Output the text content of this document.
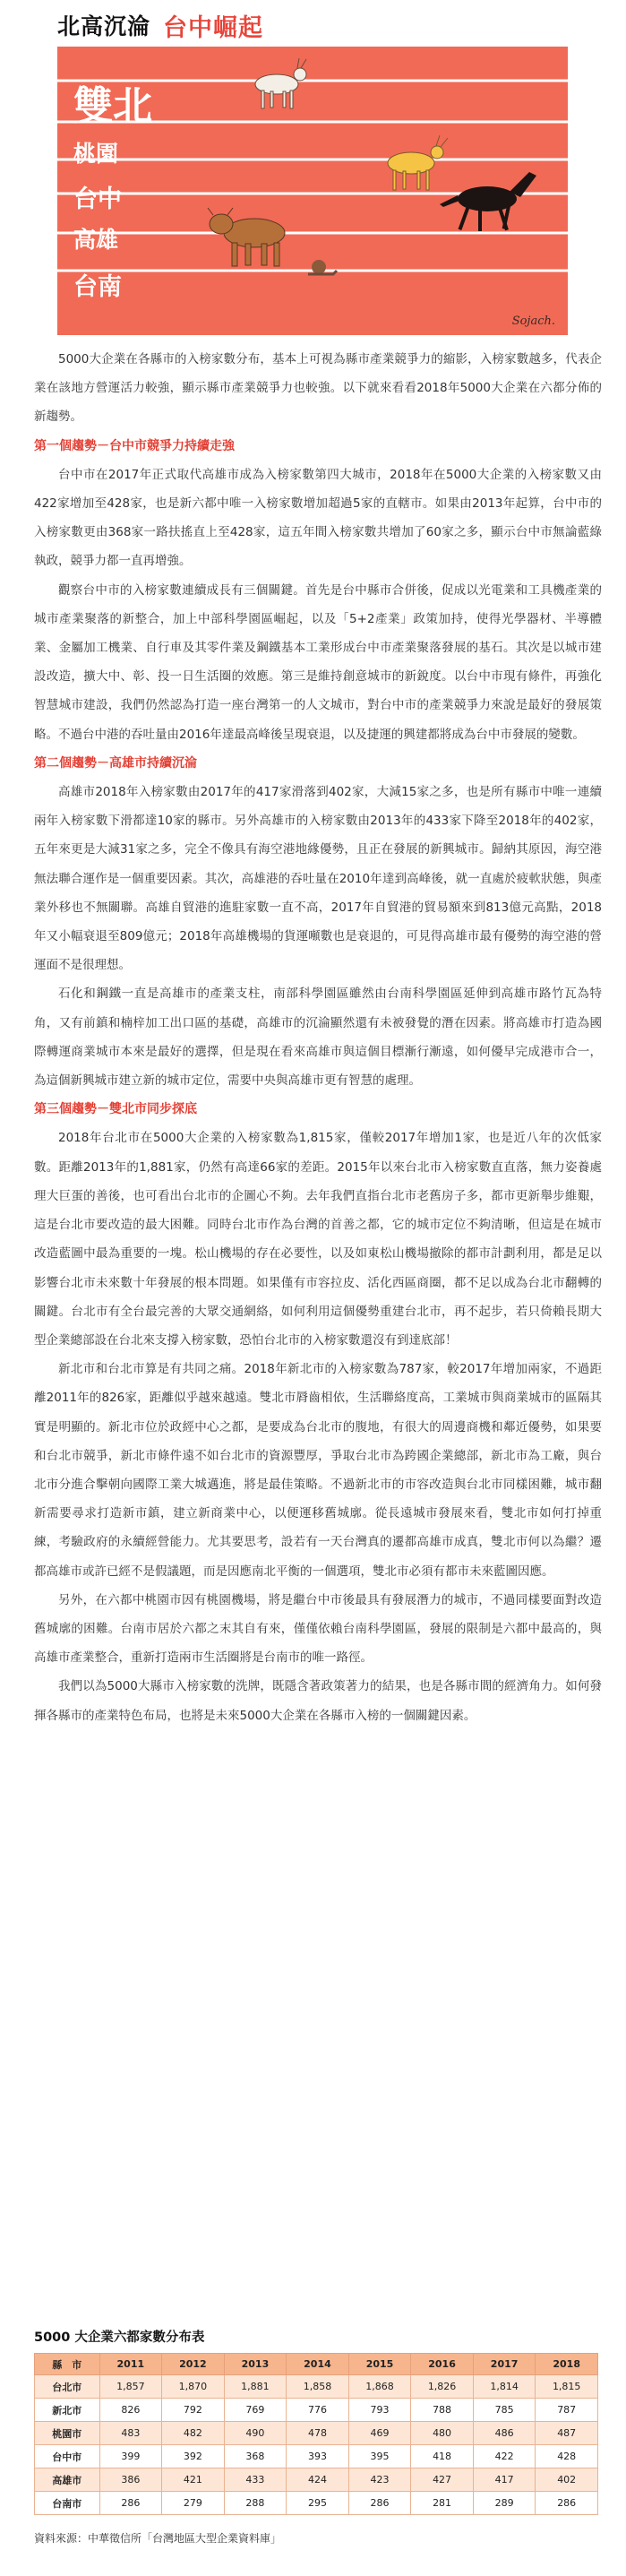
北高沉淪 台中崛起
雙北
桃園
台中
高雄
台南
Sojach.

5000大企業在各縣市的入榜家數分布，基本上可視為縣市產業競爭力的縮影，入榜家數越多，代表企業在該地方營運活力較強，顯示縣市產業競爭力也較強。以下就來看看2018年5000大企業在六都分佈的新趨勢。

第一個趨勢－台中市競爭力持續走強

台中市在2017年正式取代高雄市成為入榜家數第四大城市，2018年在5000大企業的入榜家數又由422家增加至428家，也是新六都中唯一入榜家數增加超過5家的直轄市。如果由2013年起算，台中市的入榜家數更由368家一路扶搖直上至428家，這五年間入榜家數共增加了60家之多，顯示台中市無論藍綠執政，競爭力都一直再增強。

觀察台中市的入榜家數連續成長有三個關鍵。首先是台中縣市合併後，促成以光電業和工具機產業的城市產業聚落的新整合，加上中部科學園區崛起，以及「5+2產業」政策加持，使得光學器材、半導體業、金屬加工機業、自行車及其零件業及鋼鐵基本工業形成台中市產業聚落發展的基石。其次是以城市建設改造，擴大中、彰、投一日生活圈的效應。第三是維持創意城市的新銳度。以台中市現有條件，再強化智慧城市建設，我們仍然認為打造一座台灣第一的人文城市，對台中市的產業競爭力來說是最好的發展策略。不過台中港的吞吐量由2016年達最高峰後呈現衰退，以及捷運的興建都將成為台中市發展的變數。

第二個趨勢－高雄市持續沉淪

高雄市2018年入榜家數由2017年的417家滑落到402家，大減15家之多，也是所有縣市中唯一連續兩年入榜家數下滑都達10家的縣市。另外高雄市的入榜家數由2013年的433家下降至2018年的402家，五年來更是大減31家之多，完全不像具有海空港地緣優勢，且正在發展的新興城市。歸納其原因，海空港無法聯合運作是一個重要因素。其次，高雄港的吞吐量在2010年達到高峰後，就一直處於疲軟狀態，與產業外移也不無關聯。高雄自貿港的進駐家數一直不高，2017年自貿港的貿易額來到813億元高點，2018年又小幅衰退至809億元；2018年高雄機場的貨運噸數也是衰退的，可見得高雄市最有優勢的海空港的營運面不是很理想。

石化和鋼鐵一直是高雄市的產業支柱，南部科學園區雖然由台南科學園區延伸到高雄市路竹瓦為特角，又有前鎮和楠梓加工出口區的基礎，高雄市的沉淪顯然還有未被發覺的潛在因素。將高雄市打造為國際轉運商業城市本來是最好的選擇，但是現在看來高雄市與這個目標漸行漸遠，如何優早完成港市合一，為這個新興城市建立新的城市定位，需要中央與高雄市更有智慧的處理。

第三個趨勢－雙北市同步探底

2018年台北市在5000大企業的入榜家數為1,815家，僅較2017年增加1家，也是近八年的次低家數。距離2013年的1,881家，仍然有高達66家的差距。2015年以來台北市入榜家數直直落，無力姿養處理大巨蛋的善後，也可看出台北市的企圖心不夠。去年我們直指台北市老舊房子多，都市更新舉步維艱，這是台北市要改造的最大困難。同時台北市作為台灣的首善之都，它的城市定位不夠清晰，但這是在城市改造藍圖中最為重要的一塊。松山機場的存在必要性，以及如東松山機場撤除的都市計劃利用，都是足以影響台北市未來數十年發展的根本問題。如果僅有市容拉皮、活化西區商圈，都不足以成為台北市翻轉的關鍵。台北市有全台最完善的大眾交通網絡，如何利用這個優勢重建台北市，再不起步，若只倚賴長期大型企業總部設在台北來支撐入榜家數，恐怕台北市的入榜家數還沒有到達底部！

新北市和台北市算是有共同之痛。2018年新北市的入榜家數為787家，較2017年增加兩家，不過距離2011年的826家，距離似乎越來越遠。雙北市脣齒相依，生活聯絡度高，工業城市與商業城市的區隔其實是明顯的。新北市位於政經中心之都，是要成為台北市的腹地，有很大的周邊商機和鄰近優勢，如果要和台北市競爭，新北市條件遠不如台北市的資源豐厚，爭取台北市為跨國企業總部，新北市為工廠，與台北市分進合擊朝向國際工業大城邁進，將是最佳策略。不過新北市的市容改造與台北市同樣困難，城市翻新需要尋求打造新市鎮，建立新商業中心，以便運移舊城廓。從長遠城市發展來看，雙北市如何打掉重練，考驗政府的永續經營能力。尤其要思考，設若有一天台灣真的遷都高雄市成真，雙北市何以為繼？遷都高雄市或許已經不是假議題，而是因應南北平衡的一個選項，雙北市必須有都市未來藍圖因應。

另外，在六都中桃園市因有桃園機場，將是繼台中市後最具有發展潛力的城市，不過同樣要面對改造舊城廓的困難。台南市居於六都之末其自有來，僅僅依賴台南科學園區，發展的限制是六都中最高的，與高雄市產業整合，重新打造兩市生活圈將是台南市的唯一路徑。

我們以為5000大縣市入榜家數的洗牌，既隱含著政策著力的結果，也是各縣市間的經濟角力。如何發揮各縣市的產業特色布局，也將是未來5000大企業在各縣市入榜的一個關鍵因素。

5000 大企業六都家數分布表
縣　市	2011	2012	2013	2014	2015	2016	2017	2018
台北市	1,857	1,870	1,881	1,858	1,868	1,826	1,814	1,815
新北市	826	792	769	776	793	788	785	787
桃園市	483	482	490	478	469	480	486	487
台中市	399	392	368	393	395	418	422	428
高雄市	386	421	433	424	423	427	417	402
台南市	286	279	288	295	286	281	289	286
資料來源：中華徵信所「台灣地區大型企業資料庫」
